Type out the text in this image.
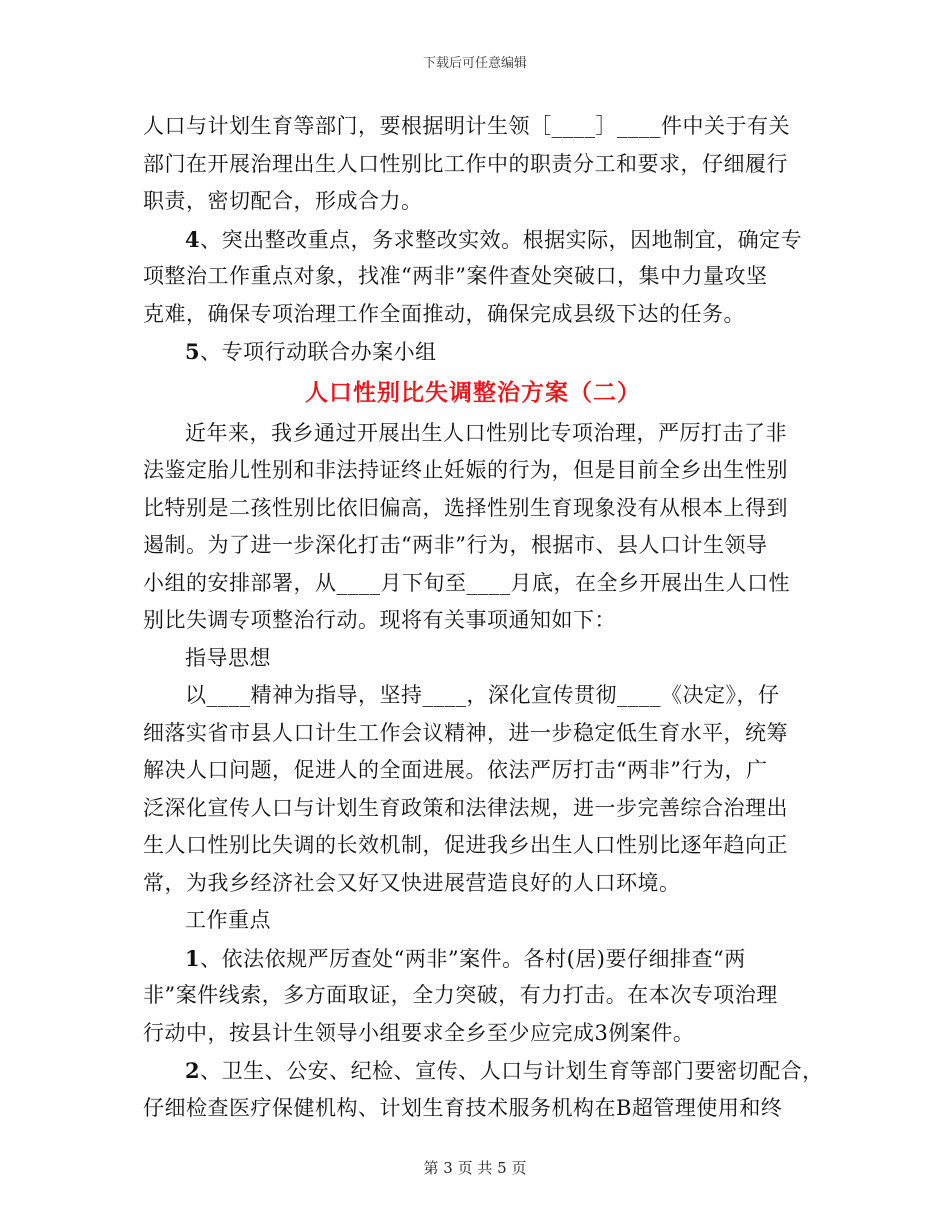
下载后可任意编辑
人口与计划生育等部门，要根据明计生领［____］____件中关于有关
部门在开展治理出生人口性别比工作中的职责分工和要求，仔细履行
职责，密切配合，形成合力。
4、突出整改重点，务求整改实效。根据实际，因地制宜，确定专
项整治工作重点对象，找准“两非”案件查处突破口，集中力量攻坚
克难，确保专项治理工作全面推动，确保完成县级下达的任务。
5、专项行动联合办案小组
人口性别比失调整治方案（二）
近年来，我乡通过开展出生人口性别比专项治理，严厉打击了非
法鉴定胎儿性别和非法持证终止妊娠的行为，但是目前全乡出生性别
比特别是二孩性别比依旧偏高，选择性别生育现象没有从根本上得到
遏制。为了进一步深化打击“两非”行为，根据市、县人口计生领导
小组的安排部署，从____月下旬至____月底，在全乡开展出生人口性
别比失调专项整治行动。现将有关事项通知如下：
指导思想
以____精神为指导，坚持____，深化宣传贯彻____《决定》，仔
细落实省市县人口计生工作会议精神，进一步稳定低生育水平，统筹
解决人口问题，促进人的全面进展。依法严厉打击“两非”行为，广
泛深化宣传人口与计划生育政策和法律法规，进一步完善综合治理出
生人口性别比失调的长效机制，促进我乡出生人口性别比逐年趋向正
常，为我乡经济社会又好又快进展营造良好的人口环境。
工作重点
1、依法依规严厉查处“两非”案件。各村(居)要仔细排查“两
非”案件线索，多方面取证，全力突破，有力打击。在本次专项治理
行动中，按县计生领导小组要求全乡至少应完成3例案件。
2、卫生、公安、纪检、宣传、人口与计划生育等部门要密切配合，
仔细检查医疗保健机构、计划生育技术服务机构在B超管理使用和终
第 3 页 共 5 页
